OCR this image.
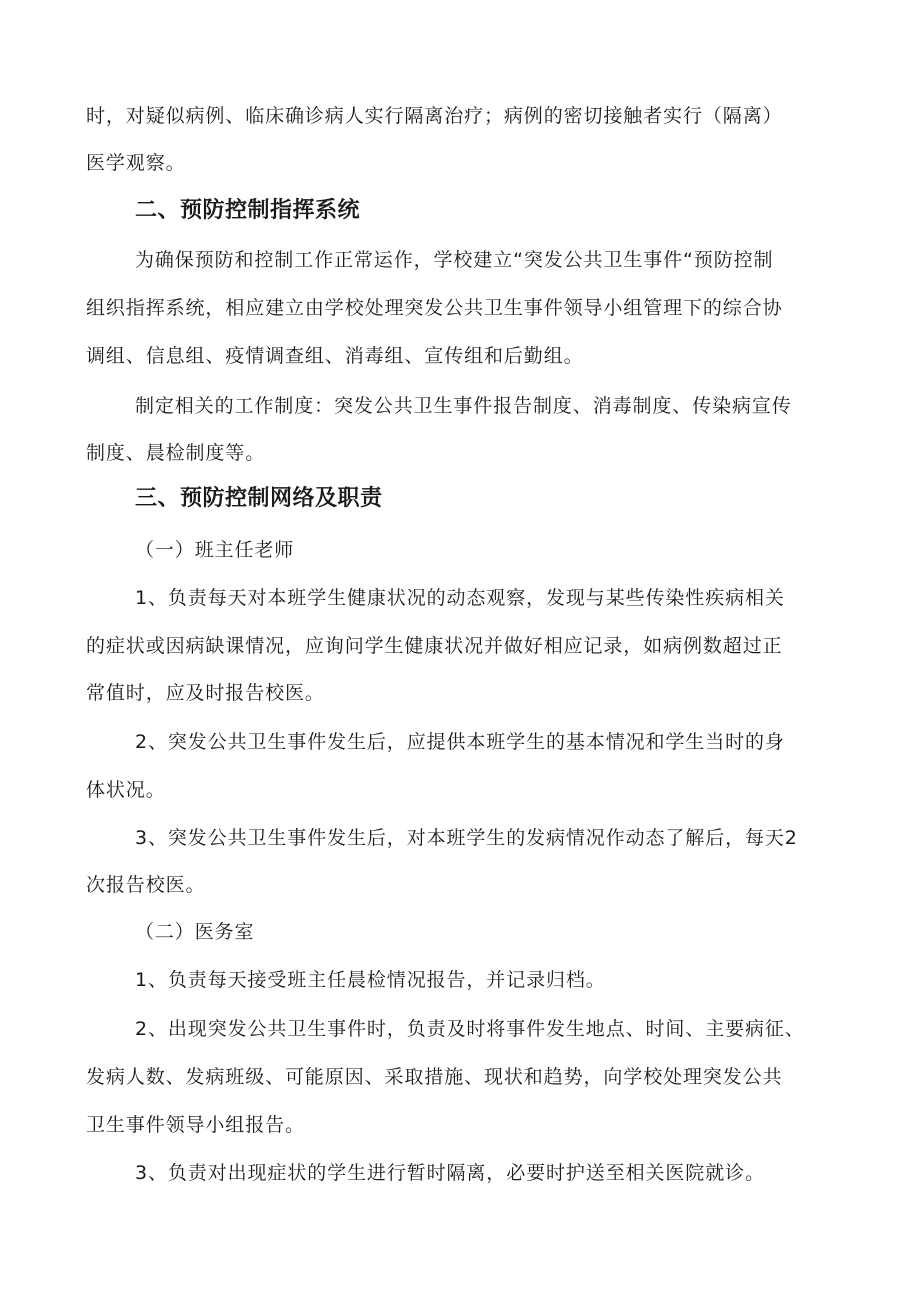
时，对疑似病例、临床确诊病人实行隔离治疗；病例的密切接触者实行（隔离）
医学观察。
二、预防控制指挥系统
为确保预防和控制工作正常运作，学校建立“突发公共卫生事件“预防控制
组织指挥系统，相应建立由学校处理突发公共卫生事件领导小组管理下的综合协
调组、信息组、疫情调查组、消毒组、宣传组和后勤组。
制定相关的工作制度：突发公共卫生事件报告制度、消毒制度、传染病宣传
制度、晨检制度等。
三、预防控制网络及职责
（一）班主任老师
1、负责每天对本班学生健康状况的动态观察，发现与某些传染性疾病相关
的症状或因病缺课情况，应询问学生健康状况并做好相应记录，如病例数超过正
常值时，应及时报告校医。
2、突发公共卫生事件发生后，应提供本班学生的基本情况和学生当时的身
体状况。
3、突发公共卫生事件发生后，对本班学生的发病情况作动态了解后，每天2
次报告校医。
（二）医务室
1、负责每天接受班主任晨检情况报告，并记录归档。
2、出现突发公共卫生事件时，负责及时将事件发生地点、时间、主要病征、
发病人数、发病班级、可能原因、采取措施、现状和趋势，向学校处理突发公共
卫生事件领导小组报告。
3、负责对出现症状的学生进行暂时隔离，必要时护送至相关医院就诊。
